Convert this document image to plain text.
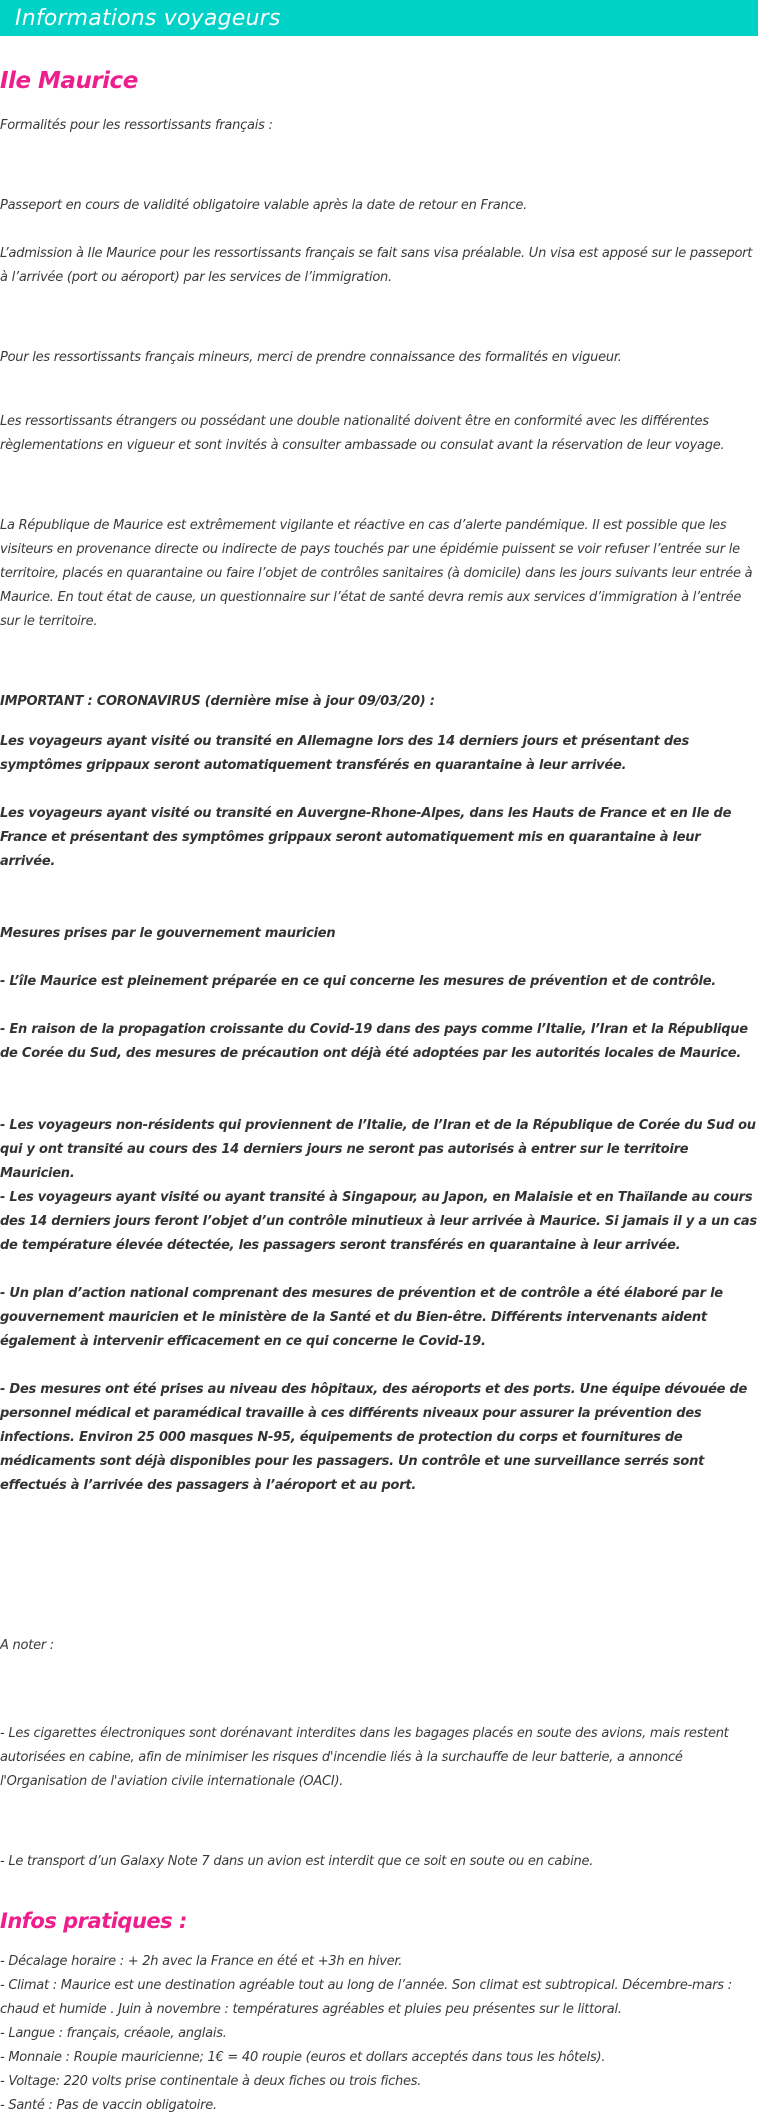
Informations voyageurs
Ile Maurice

Formalités pour les ressortissants français :

Passeport en cours de validité obligatoire valable après la date de retour en France.

L’admission à Ile Maurice pour les ressortissants français se fait sans visa préalable. Un visa est apposé sur le passeport à l’arrivée (port ou aéroport) par les services de l’immigration.

Pour les ressortissants français mineurs, merci de prendre connaissance des formalités en vigueur.

Les ressortissants étrangers ou possédant une double nationalité doivent être en conformité avec les différentes règlementations en vigueur et sont invités à consulter ambassade ou consulat avant la réservation de leur voyage.

La République de Maurice est extrêmement vigilante et réactive en cas d’alerte pandémique. Il est possible que les visiteurs en provenance directe ou indirecte de pays touchés par une épidémie puissent se voir refuser l’entrée sur le territoire, placés en quarantaine ou faire l’objet de contrôles sanitaires (à domicile) dans les jours suivants leur entrée à Maurice. En tout état de cause, un questionnaire sur l’état de santé devra remis aux services d’immigration à l’entrée sur le territoire.

IMPORTANT : CORONAVIRUS (dernière mise à jour 09/03/20) :

Les voyageurs ayant visité ou transité en Allemagne lors des 14 derniers jours et présentant des symptômes grippaux seront automatiquement transférés en quarantaine à leur arrivée.

Les voyageurs ayant visité ou transité en Auvergne-Rhone-Alpes, dans les Hauts de France et en Ile de France et présentant des symptômes grippaux seront automatiquement mis en quarantaine à leur arrivée.

Mesures prises par le gouvernement mauricien

- L’île Maurice est pleinement préparée en ce qui concerne les mesures de prévention et de contrôle.

- En raison de la propagation croissante du Covid-19 dans des pays comme l’Italie, l’Iran et la République de Corée du Sud, des mesures de précaution ont déjà été adoptées par les autorités locales de Maurice.

- Les voyageurs non-résidents qui proviennent de l’Italie, de l’Iran et de la République de Corée du Sud ou qui y ont transité au cours des 14 derniers jours ne seront pas autorisés à entrer sur le territoire Mauricien.

- Les voyageurs ayant visité ou ayant transité à Singapour, au Japon, en Malaisie et en Thaïlande au cours des 14 derniers jours feront l’objet d’un contrôle minutieux à leur arrivée à Maurice. Si jamais il y a un cas de température élevée détectée, les passagers seront transférés en quarantaine à leur arrivée.

- Un plan d’action national comprenant des mesures de prévention et de contrôle a été élaboré par le gouvernement mauricien et le ministère de la Santé et du Bien-être. Différents intervenants aident également à intervenir efficacement en ce qui concerne le Covid-19.

- Des mesures ont été prises au niveau des hôpitaux, des aéroports et des ports. Une équipe dévouée de personnel médical et paramédical travaille à ces différents niveaux pour assurer la prévention des infections. Environ 25 000 masques N-95, équipements de protection du corps et fournitures de médicaments sont déjà disponibles pour les passagers. Un contrôle et une surveillance serrés sont effectués à l’arrivée des passagers à l’aéroport et au port.

A noter :

- Les cigarettes électroniques sont dorénavant interdites dans les bagages placés en soute des avions, mais restent autorisées en cabine, afin de minimiser les risques d'incendie liés à la surchauffe de leur batterie, a annoncé l'Organisation de l'aviation civile internationale (OACI).

- Le transport d’un Galaxy Note 7 dans un avion est interdit que ce soit en soute ou en cabine.

Infos pratiques :

- Décalage horaire : + 2h avec la France en été et +3h en hiver.

- Climat : Maurice est une destination agréable tout au long de l’année. Son climat est subtropical. Décembre-mars : chaud et humide . Juin à novembre : températures agréables et pluies peu présentes sur le littoral.

- Langue : français, créaole, anglais.

- Monnaie : Roupie mauricienne; 1€ = 40 roupie (euros et dollars acceptés dans tous les hôtels).

- Voltage: 220 volts prise continentale à deux fiches ou trois fiches.

- Santé : Pas de vaccin obligatoire.
